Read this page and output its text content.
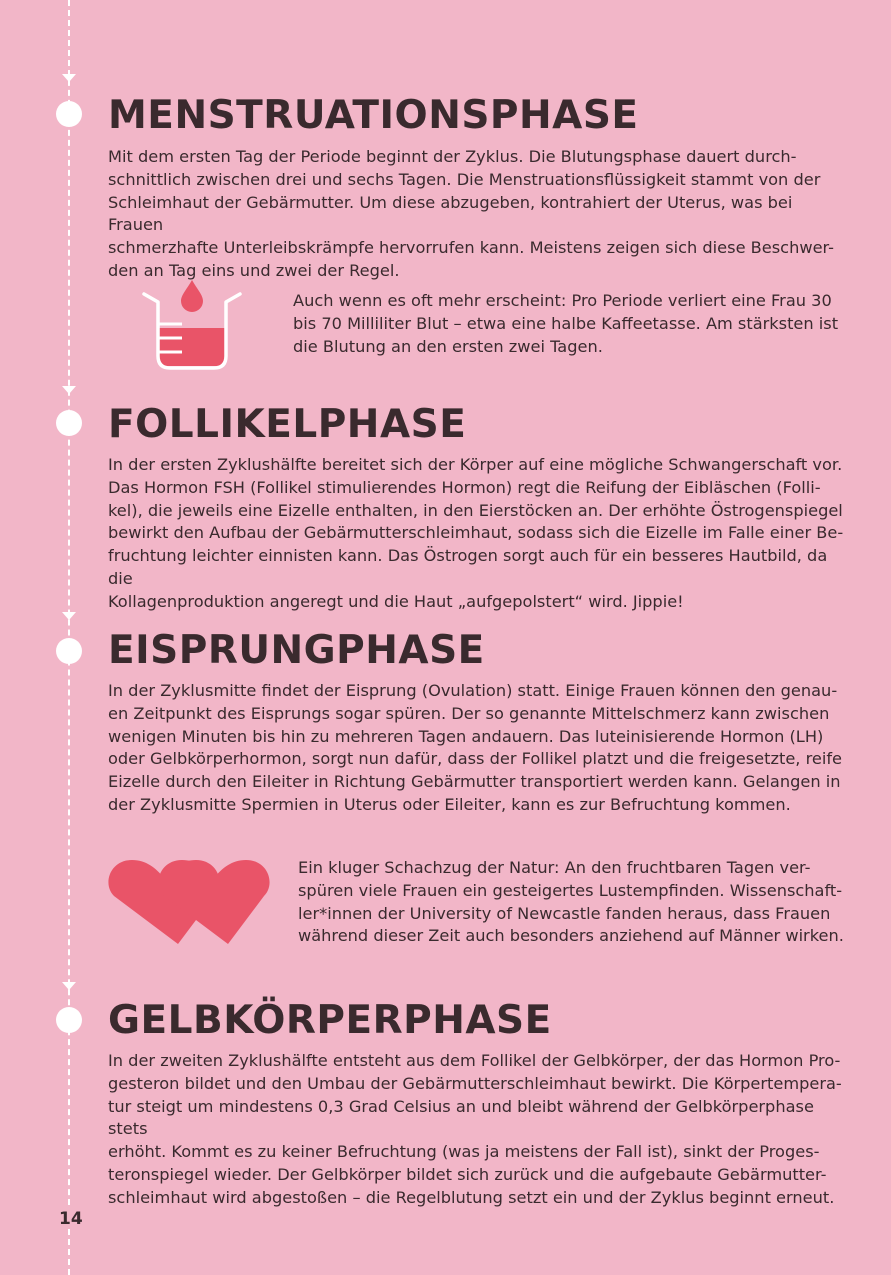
MENSTRUATIONSPHASE
Mit dem ersten Tag der Periode beginnt der Zyklus. Die Blutungsphase dauert durch-
schnittlich zwischen drei und sechs Tagen. Die Menstruationsflüssigkeit stammt von der
Schleimhaut der Gebärmutter. Um diese abzugeben, kontrahiert der Uterus, was bei Frauen
schmerzhafte Unterleibskrämpfe hervorrufen kann. Meistens zeigen sich diese Beschwer-
den an Tag eins und zwei der Regel.
Auch wenn es oft mehr erscheint: Pro Periode verliert eine Frau 30
bis 70 Milliliter Blut – etwa eine halbe Kaffeetasse. Am stärksten ist
die Blutung an den ersten zwei Tagen.
FOLLIKELPHASE
In der ersten Zyklushälfte bereitet sich der Körper auf eine mögliche Schwangerschaft vor.
Das Hormon FSH (Follikel stimulierendes Hormon) regt die Reifung der Eibläschen (Folli-
kel), die jeweils eine Eizelle enthalten, in den Eierstöcken an. Der erhöhte Östrogenspiegel
bewirkt den Aufbau der Gebärmutterschleimhaut, sodass sich die Eizelle im Falle einer Be-
fruchtung leichter einnisten kann. Das Östrogen sorgt auch für ein besseres Hautbild, da die
Kollagenproduktion angeregt und die Haut „aufgepolstert“ wird. Jippie!
EISPRUNGPHASE
In der Zyklusmitte findet der Eisprung (Ovulation) statt. Einige Frauen können den genau-
en Zeitpunkt des Eisprungs sogar spüren. Der so genannte Mittelschmerz kann zwischen
wenigen Minuten bis hin zu mehreren Tagen andauern. Das luteinisierende Hormon (LH)
oder Gelbkörperhormon, sorgt nun dafür, dass der Follikel platzt und die freigesetzte, reife
Eizelle durch den Eileiter in Richtung Gebärmutter transportiert werden kann. Gelangen in
der Zyklusmitte Spermien in Uterus oder Eileiter, kann es zur Befruchtung kommen.
Ein kluger Schachzug der Natur: An den fruchtbaren Tagen ver-
spüren viele Frauen ein gesteigertes Lustempfinden. Wissenschaft-
ler*innen der University of Newcastle fanden heraus, dass Frauen
während dieser Zeit auch besonders anziehend auf Männer wirken.
GELBKÖRPERPHASE
In der zweiten Zyklushälfte entsteht aus dem Follikel der Gelbkörper, der das Hormon Pro-
gesteron bildet und den Umbau der Gebärmutterschleimhaut bewirkt. Die Körpertempera-
tur steigt um mindestens 0,3 Grad Celsius an und bleibt während der Gelbkörperphase stets
erhöht. Kommt es zu keiner Befruchtung (was ja meistens der Fall ist), sinkt der Proges-
teronspiegel wieder. Der Gelbkörper bildet sich zurück und die aufgebaute Gebärmutter-
schleimhaut wird abgestoßen – die Regelblutung setzt ein und der Zyklus beginnt erneut.
14
